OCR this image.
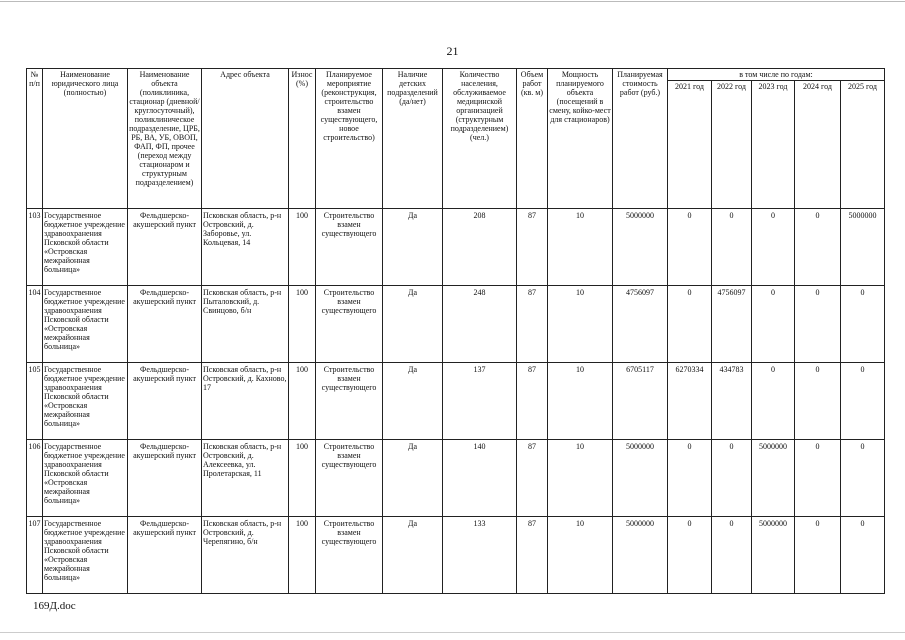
21
№ п/п	Наименование юридического лица (полностью)	Наименование объекта (поликлиника, стационар (дневной/ круглосуточный), поликлиническое подразделение, ЦРБ, РБ, ВА, УБ, ОВОП, ФАП, ФП, прочее (переход между стационаром и структурным подразделением)	Адрес объекта	Износ (%)	Планируемое мероприятие (реконструкция, строительство взамен существующего, новое строительство)	Наличие детских подразделений (да/нет)	Количество населения, обслуживаемое медицинской организацией (структурным подразделением) (чел.)	Объем работ (кв. м)	Мощность планируемого объекта (посещений в смену, койко-мест для стационаров)	Планируемая стоимость работ (руб.)	в том числе по годам:				
											2021 год	2022 год	2023 год	2024 год	2025 год
103	Государственное бюджетное учреждение здравоохранения Псковской области «Островская межрайонная больница»	Фельдшерско-акушерский пункт	Псковская область, р-н Островский, д. Заборовье, ул. Кольцевая, 14	100	Строительство взамен существующего	Да	208	87	10	5000000	0	0	0	0	5000000
104	Государственное бюджетное учреждение здравоохранения Псковской области «Островская межрайонная больница»	Фельдшерско-акушерский пункт	Псковская область, р-н Пыталовский, д. Свинцово, б/н	100	Строительство взамен существующего	Да	248	87	10	4756097	0	4756097	0	0	0
105	Государственное бюджетное учреждение здравоохранения Псковской области «Островская межрайонная больница»	Фельдшерско-акушерский пункт	Псковская область, р-н Островский, д. Кахново, 17	100	Строительство взамен существующего	Да	137	87	10	6705117	6270334	434783	0	0	0
106	Государственное бюджетное учреждение здравоохранения Псковской области «Островская межрайонная больница»	Фельдшерско-акушерский пункт	Псковская область, р-н Островский, д. Алексеевка, ул. Пролетарская, 11	100	Строительство взамен существующего	Да	140	87	10	5000000	0	0	5000000	0	0
107	Государственное бюджетное учреждение здравоохранения Псковской области «Островская межрайонная больница»	Фельдшерско-акушерский пункт	Псковская область, р-н Островский, д. Черепягино, б/н	100	Строительство взамен существующего	Да	133	87	10	5000000	0	0	5000000	0	0
169Д.doc
